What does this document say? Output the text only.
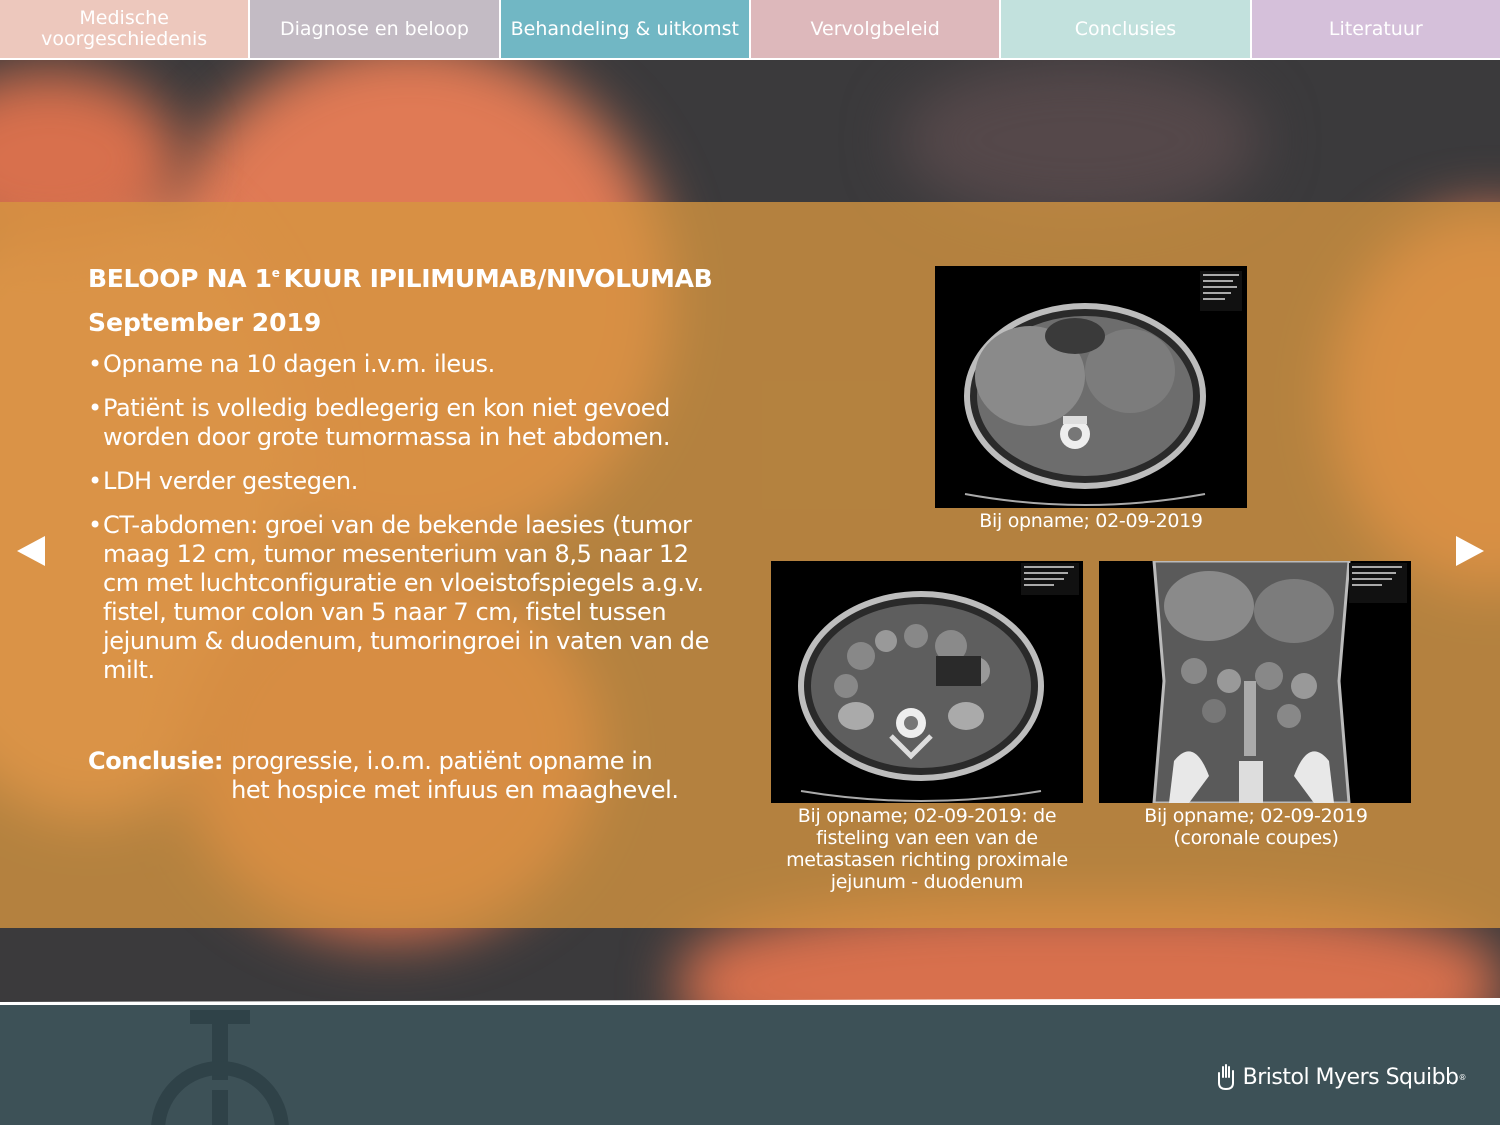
Medische voorgeschiedenis	Diagnose en beloop Behandeling & uitkomst	Vervolgbeleid	Conclusies	Literatuur
BELOOP NA 1e KUUR IPILIMUMAB/NIVOLUMAB
September 2019
• Opname na 10 dagen i.v.m. ileus.
• Patiënt is volledig bedlegerig en kon niet gevoed worden door grote tumormassa in het abdomen.
• LDH verder gestegen.
• CT-abdomen: groei van de bekende laesies (tumor maag 12 cm, tumor mesenterium van 8,5 naar 12 cm met luchtconfiguratie en vloeistofspiegels a.g.v. fistel, tumor colon van 5 naar 7 cm, fistel tussen jejunum & duodenum, tumoringroei in vaten van de milt.
Conclusie: progressie, i.o.m. patiënt opname in het hospice met infuus en maaghevel.
Bij opname; 02-09-2019
Bij opname; 02-09-2019: de fisteling van een van de metastasen richting proximale jejunum - duodenum
Bij opname; 02-09-2019 (coronale coupes)
Bristol Myers Squibb ®
